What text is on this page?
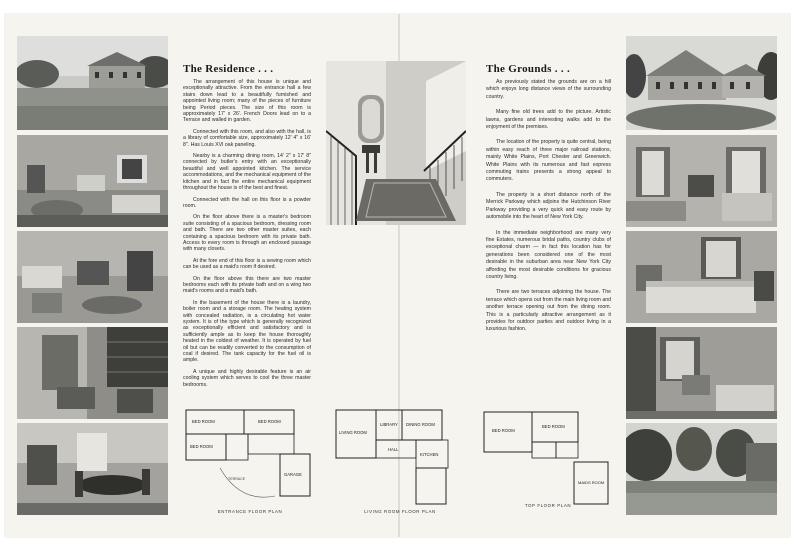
The Residence . . .

The arrangement of this house is unique and exceptionally attractive. From the entrance hall a few stairs down lead to a beautifully furnished and appointed living room; many of the pieces of furniture being Period pieces. The size of this room is approximately 17' x 26'. French Doors lead on to a Terrace and walled in garden.

Connected with this room, and also with the hall, is a library of comfortable size, approximately 12' 4" x 16' 8". Has Louis XVI oak paneling.

Nearby is a charming dining room, 14' 2" x 17' 8" connected by butler's entry with an exceptionally beautiful and well appointed kitchen. The service accommodations, and the mechanical equipment of the kitchen and in fact the entire mechanical equipment throughout the house is of the best and finest.

Connected with the hall on this floor is a powder room.

On the floor above there is a master's bedroom suite consisting of a spacious bedroom, dressing room and bath. There are two other master suites, each containing a spacious bedroom with its private bath. Access to every room is through an enclosed passage with many closets.

At the fore end of this floor is a sewing room which can be used as a maid's room if desired.

On the floor above this there are two master bedrooms each with its private bath and on a wing two maid's rooms and a maid's bath.

In the basement of the house there is a laundry, boiler room and a storage room. The heating system with concealed radiation, is a circulating hot water system. It is of the type which is generally recognized as exceptionally efficient and satisfactory and is sufficiently ample as to keep the house thoroughly heated in the coldest of weather. It is operated by fuel oil but can be readily converted to the consumption of coal if desired. The tank capacity for the fuel oil is ample.

A unique and highly desirable feature is an air cooling system which serves to cool the three master bedrooms.

The Grounds . . .

As previously stated the grounds are on a hill which enjoys long distance views of the surrounding country.

Many fine old trees add to the picture. Artistic lawns, gardens and interesting walks add to the enjoyment of the premises.

The location of the property is quite central, being within easy reach of three major railroad stations, mainly White Plains, Port Chester and Greenwich. White Plains with its numerous and fast express commuting trains presents a strong appeal to commuters.

The property is a short distance north of the Merrick Parkway which adjoins the Hutchinson River Parkway providing a very quick and easy route by automobile into the heart of New York City.

In the immediate neighborhood are many very fine Estates, numerous bridal paths, country clubs of exceptional charm — in fact this location has for generations been considered one of the most desirable in the suburban area near New York City affording the most desirable conditions for gracious country living.

There are two terraces adjoining the house. The terrace which opens out from the main living room and another terrace opening out from the dining room. This is a particularly attractive arrangement as it provides for outdoor parties and outdoor living in a luxurious fashion.

BED ROOM	BED ROOM
BED ROOM
GARAGE
TERRACE
ENTRANCE FLOOR PLAN
LIVING ROOM
LIBRARY DINING ROOM
HALL
KITCHEN
LIVING ROOM FLOOR PLAN
BED ROOM
BED ROOM
MAIDS ROOM
TOP FLOOR PLAN
